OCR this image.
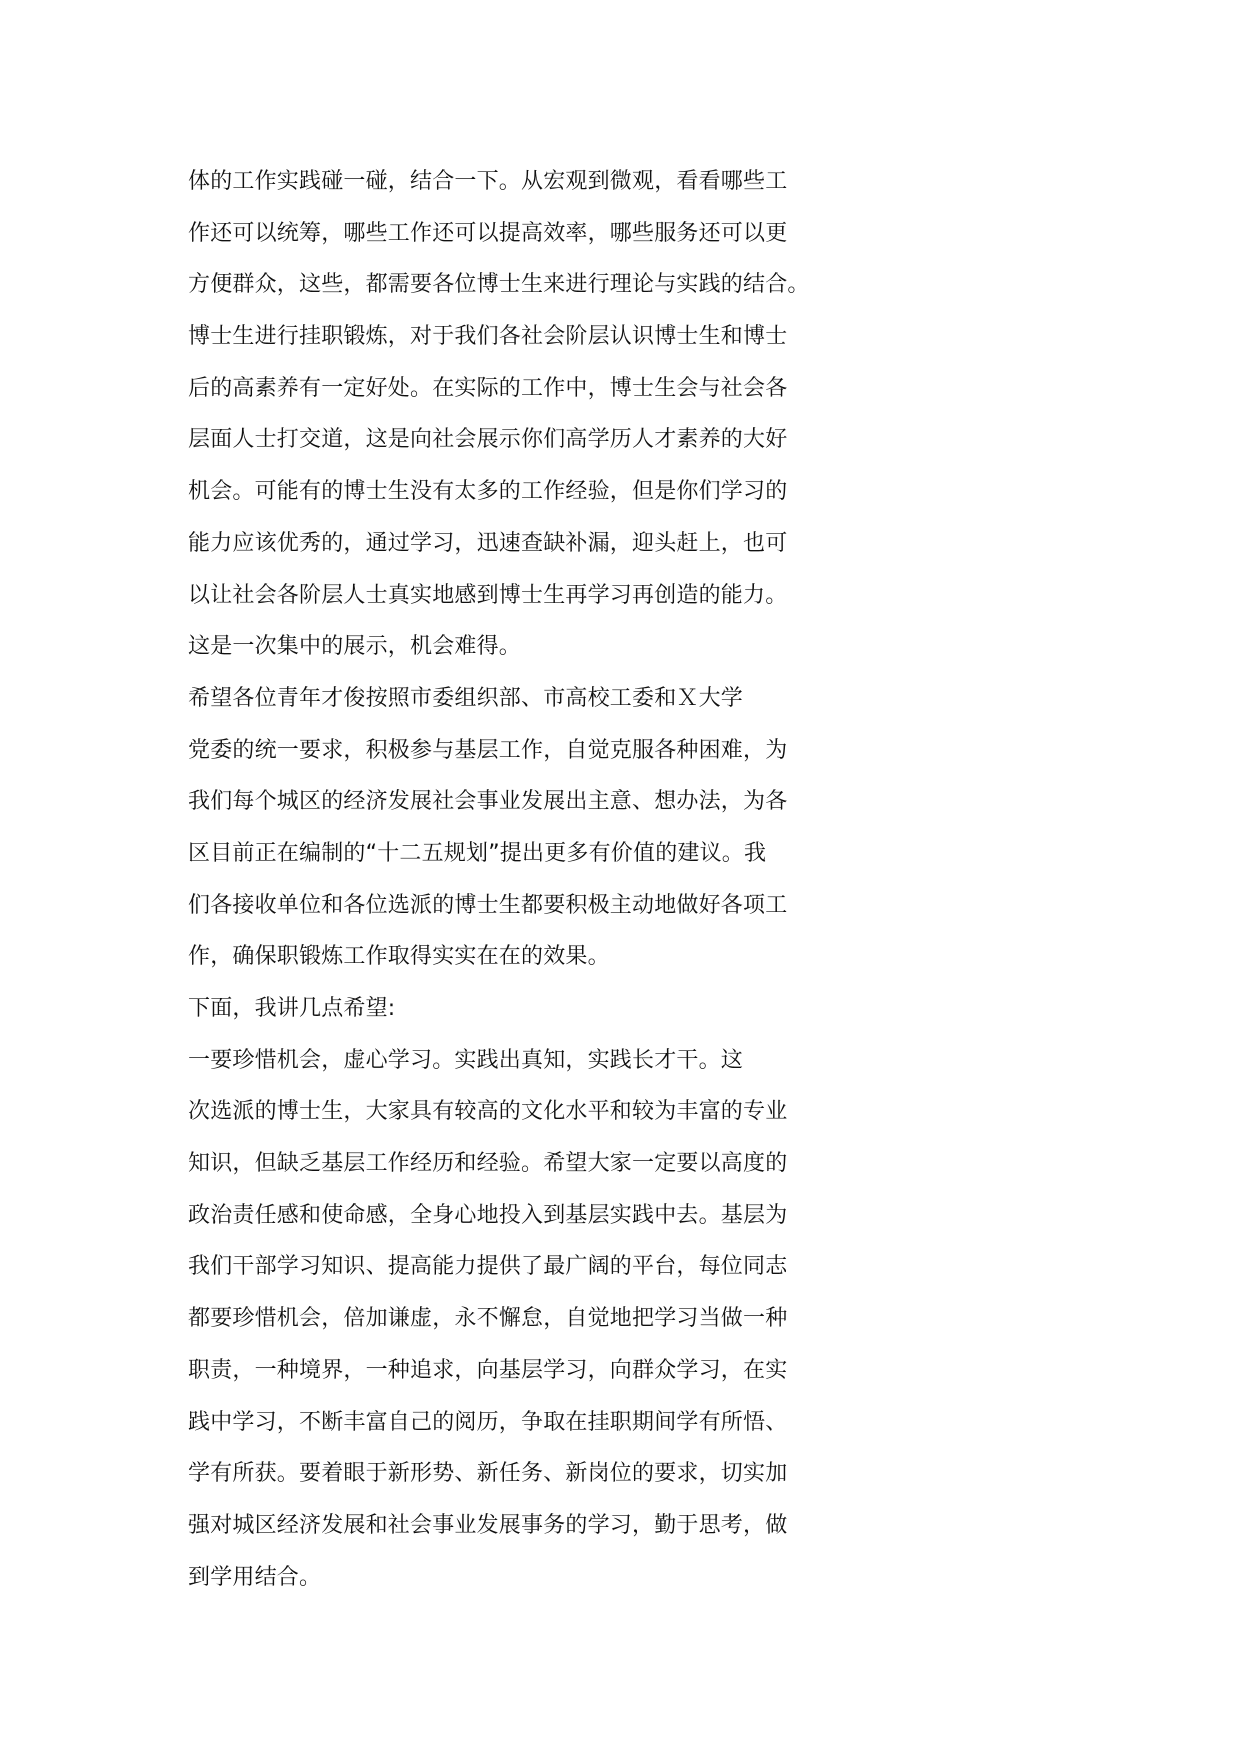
体的工作实践碰一碰，结合一下。从宏观到微观，看看哪些工
作还可以统筹，哪些工作还可以提高效率，哪些服务还可以更
方便群众，这些，都需要各位博士生来进行理论与实践的结合。
博士生进行挂职锻炼，对于我们各社会阶层认识博士生和博士
后的高素养有一定好处。在实际的工作中，博士生会与社会各
层面人士打交道，这是向社会展示你们高学历人才素养的大好
机会。可能有的博士生没有太多的工作经验，但是你们学习的
能力应该优秀的，通过学习，迅速查缺补漏，迎头赶上，也可
以让社会各阶层人士真实地感到博士生再学习再创造的能力。
这是一次集中的展示，机会难得。
希望各位青年才俊按照市委组织部、市高校工委和Ｘ大学
党委的统一要求，积极参与基层工作，自觉克服各种困难，为
我们每个城区的经济发展社会事业发展出主意、想办法，为各
区目前正在编制的“十二五规划”提出更多有价值的建议。我
们各接收单位和各位选派的博士生都要积极主动地做好各项工
作，确保职锻炼工作取得实实在在的效果。
下面，我讲几点希望:
一要珍惜机会，虚心学习。实践出真知，实践长才干。这
次选派的博士生，大家具有较高的文化水平和较为丰富的专业
知识，但缺乏基层工作经历和经验。希望大家一定要以高度的
政治责任感和使命感，全身心地投入到基层实践中去。基层为
我们干部学习知识、提高能力提供了最广阔的平台，每位同志
都要珍惜机会，倍加谦虚，永不懈怠，自觉地把学习当做一种
职责，一种境界，一种追求，向基层学习，向群众学习，在实
践中学习，不断丰富自己的阅历，争取在挂职期间学有所悟、
学有所获。要着眼于新形势、新任务、新岗位的要求，切实加
强对城区经济发展和社会事业发展事务的学习，勤于思考，做
到学用结合。
